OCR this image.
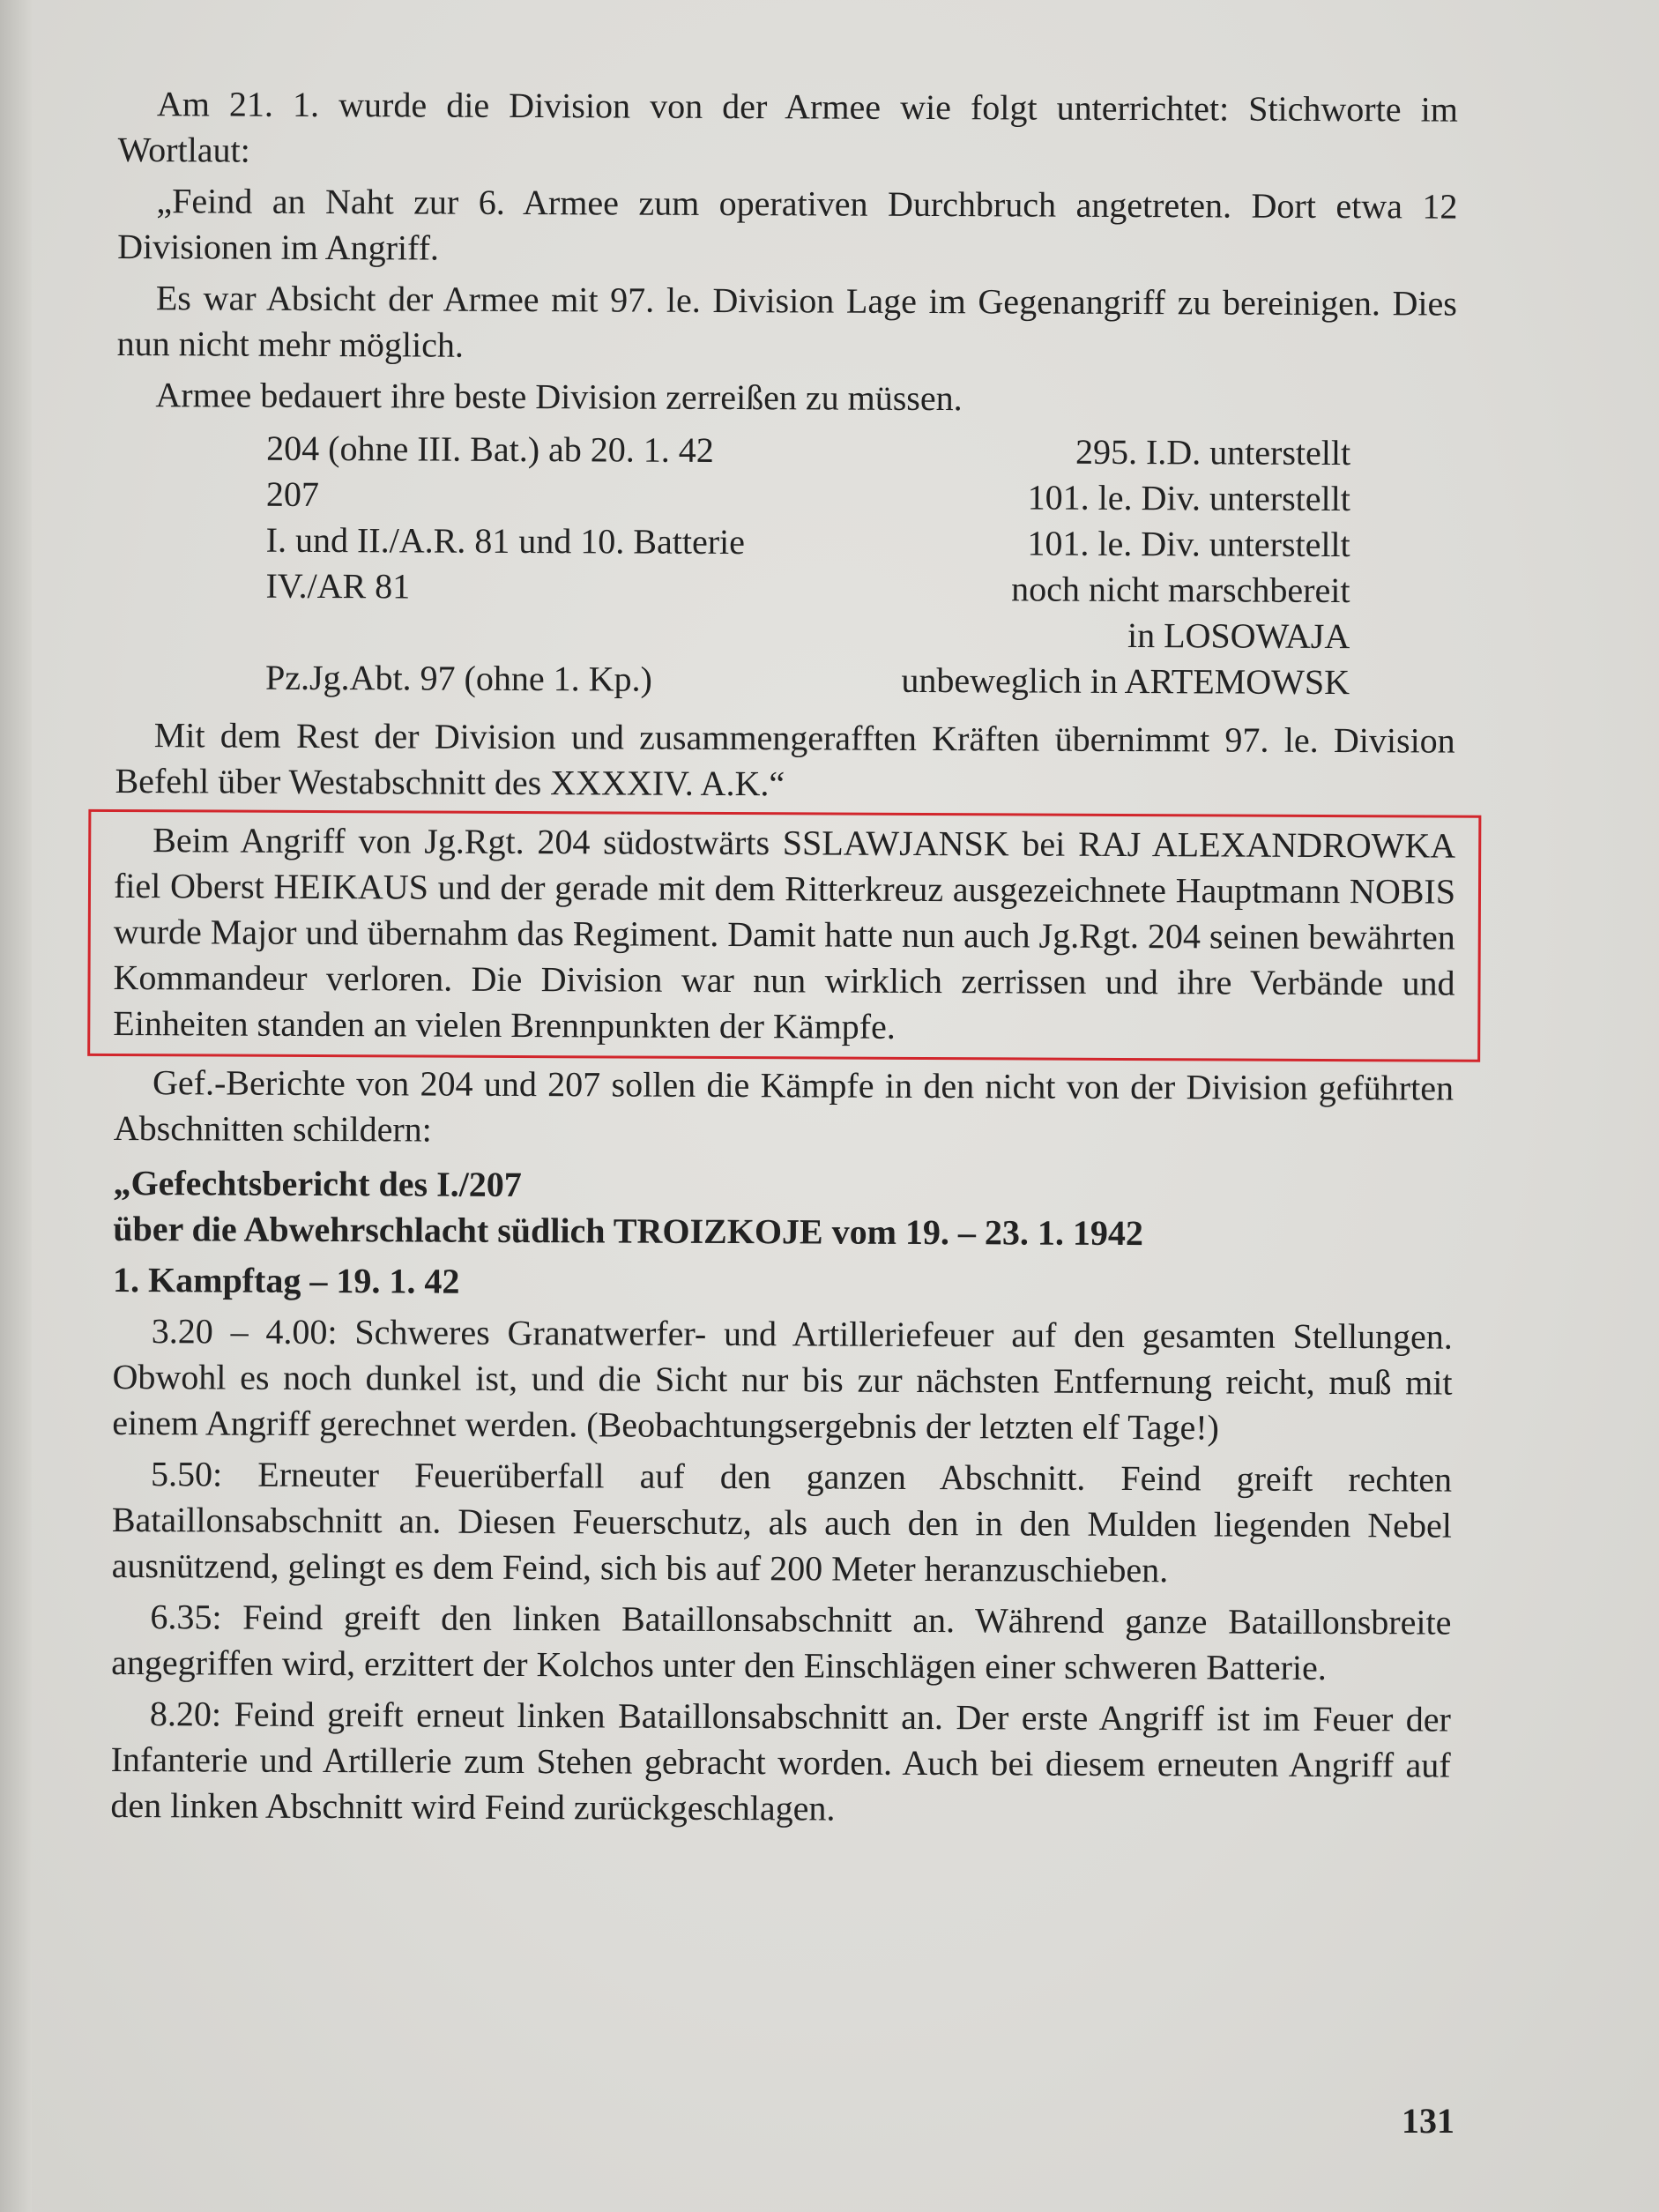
Am 21. 1. wurde die Division von der Armee wie folgt unterrichtet: Stichworte im Wortlaut:

„Feind an Naht zur 6. Armee zum operativen Durchbruch angetreten. Dort etwa 12 Divisionen im Angriff.

Es war Absicht der Armee mit 97. le. Division Lage im Gegenangriff zu bereinigen. Dies nun nicht mehr möglich.

Armee bedauert ihre beste Division zerreißen zu müssen.

204 (ohne III. Bat.) ab 20. 1. 42	295. I.D. unterstellt
207	101. le. Div. unterstellt
I. und II./A.R. 81 und 10. Batterie	101. le. Div. unterstellt
IV./AR 81	noch nicht marschbereit
	in LOSOWAJA
Pz.Jg.Abt. 97 (ohne 1. Kp.)	unbeweglich in ARTEMOWSK

Mit dem Rest der Division und zusammengerafften Kräften übernimmt 97. le. Division Befehl über Westabschnitt des XXXXIV. A.K.“

Beim Angriff von Jg.Rgt. 204 südostwärts SSLAWJANSK bei RAJ ALEXANDROWKA fiel Oberst HEIKAUS und der gerade mit dem Ritterkreuz ausgezeichnete Hauptmann NOBIS wurde Major und übernahm das Regiment. Damit hatte nun auch Jg.Rgt. 204 seinen bewährten Kommandeur verloren. Die Division war nun wirklich zerrissen und ihre Verbände und Einheiten standen an vielen Brennpunkten der Kämpfe.

Gef.-Berichte von 204 und 207 sollen die Kämpfe in den nicht von der Division geführten Abschnitten schildern:

„Gefechtsbericht des I./207

über die Abwehrschlacht südlich TROIZKOJE vom 19. – 23. 1. 1942

1. Kampftag – 19. 1. 42

3.20 – 4.00: Schweres Granatwerfer- und Artilleriefeuer auf den gesamten Stellungen. Obwohl es noch dunkel ist, und die Sicht nur bis zur nächsten Entfernung reicht, muß mit einem Angriff gerechnet werden. (Beobachtungsergebnis der letzten elf Tage!)

5.50: Erneuter Feuerüberfall auf den ganzen Abschnitt. Feind greift rechten Bataillonsabschnitt an. Diesen Feuerschutz, als auch den in den Mulden liegenden Nebel ausnützend, gelingt es dem Feind, sich bis auf 200 Meter heranzuschieben.

6.35: Feind greift den linken Bataillonsabschnitt an. Während ganze Bataillonsbreite angegriffen wird, erzittert der Kolchos unter den Einschlägen einer schweren Batterie.

8.20: Feind greift erneut linken Bataillonsabschnitt an. Der erste Angriff ist im Feuer der Infanterie und Artillerie zum Stehen gebracht worden. Auch bei diesem erneuten Angriff auf den linken Abschnitt wird Feind zurückgeschlagen.

131
